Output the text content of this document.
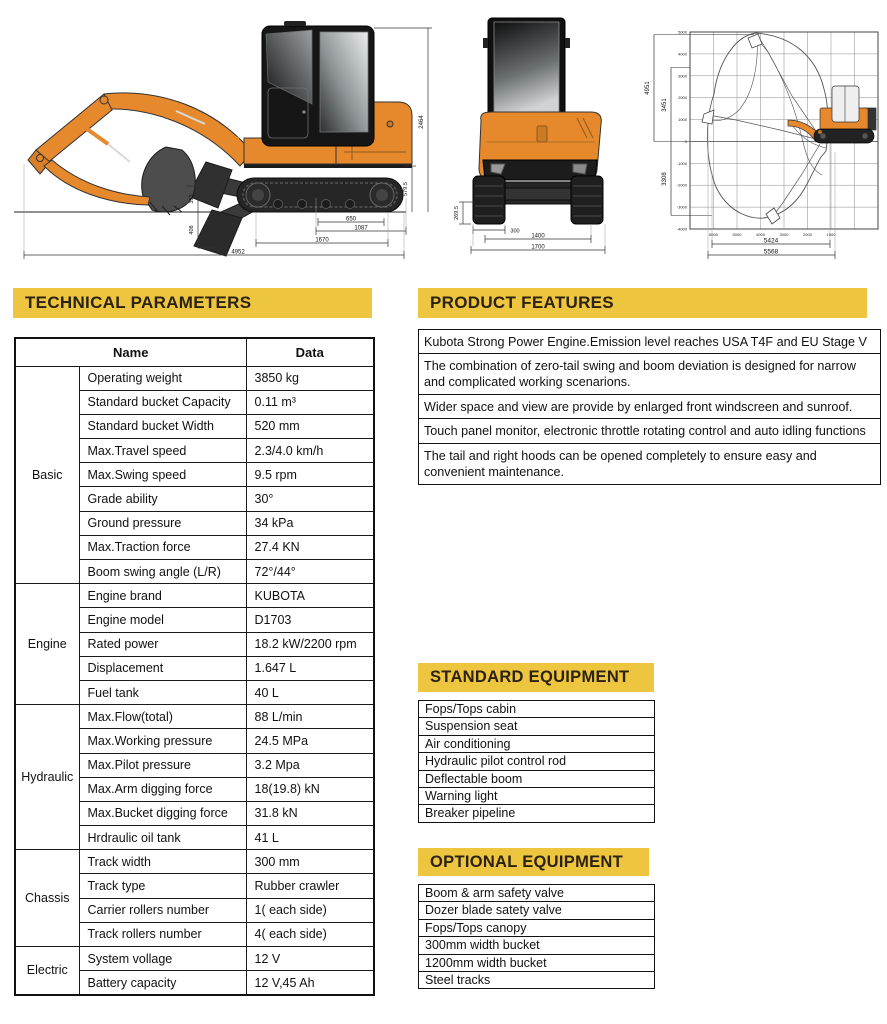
2464
579.5
353
408
650
1087
1670
4952
269.5
300
1400
1700
4951
3451
3308
5424
5568
5000
4000
3000
2000
1000
0
-1000
-2000
-3000
-4000
6000	5000	4000	3000	2000	1000
TECHNICAL PARAMETERS	PRODUCT FEATURES
Name		Data
Basic	Operating weight	3850 kg
	Standard bucket Capacity	0.11 m³
	Standard bucket Width	520 mm
	Max.Travel speed	2.3/4.0 km/h
	Max.Swing speed	9.5 rpm
	Grade ability	30°
	Ground pressure	34 kPa
	Max.Traction force	27.4 KN
	Boom swing angle (L/R)	72°/44°
Engine	Engine brand	KUBOTA
	Engine model	D1703
	Rated power	18.2 kW/2200 rpm
	Displacement	1.647 L
	Fuel tank	40 L
Hydraulic	Max.Flow(total)	88 L/min
	Max.Working pressure	24.5 MPa
	Max.Pilot pressure	3.2 Mpa
	Max.Arm digging force	18(19.8) kN
	Max.Bucket digging force	31.8 kN
	Hrdraulic oil tank	41 L
Chassis	Track width	300 mm
	Track type	Rubber crawler
	Carrier rollers number	1( each side)
	Track rollers number	4( each side)
Electric	System vollage	12 V
	Battery capacity	12 V,45 Ah
Kubota Strong Power Engine.Emission level reaches USA T4F and EU Stage V
The combination of zero-tail swing and boom deviation is designed for narrow and complicated working scenarions.
Wider space and view are provide by enlarged front windscreen and sunroof.
Touch panel monitor, electronic throttle rotating control and auto idling functions
The tail and right hoods can be opened completely to ensure easy and convenient maintenance.
STANDARD EQUIPMENT
Fops/Tops cabin
Suspension seat
Air conditioning
Hydraulic pilot control rod
Deflectable boom
Warning light
Breaker pipeline
OPTIONAL EQUIPMENT
Boom & arm safety valve
Dozer blade satety valve
Fops/Tops canopy
300mm width bucket
1200mm width bucket
Steel tracks
